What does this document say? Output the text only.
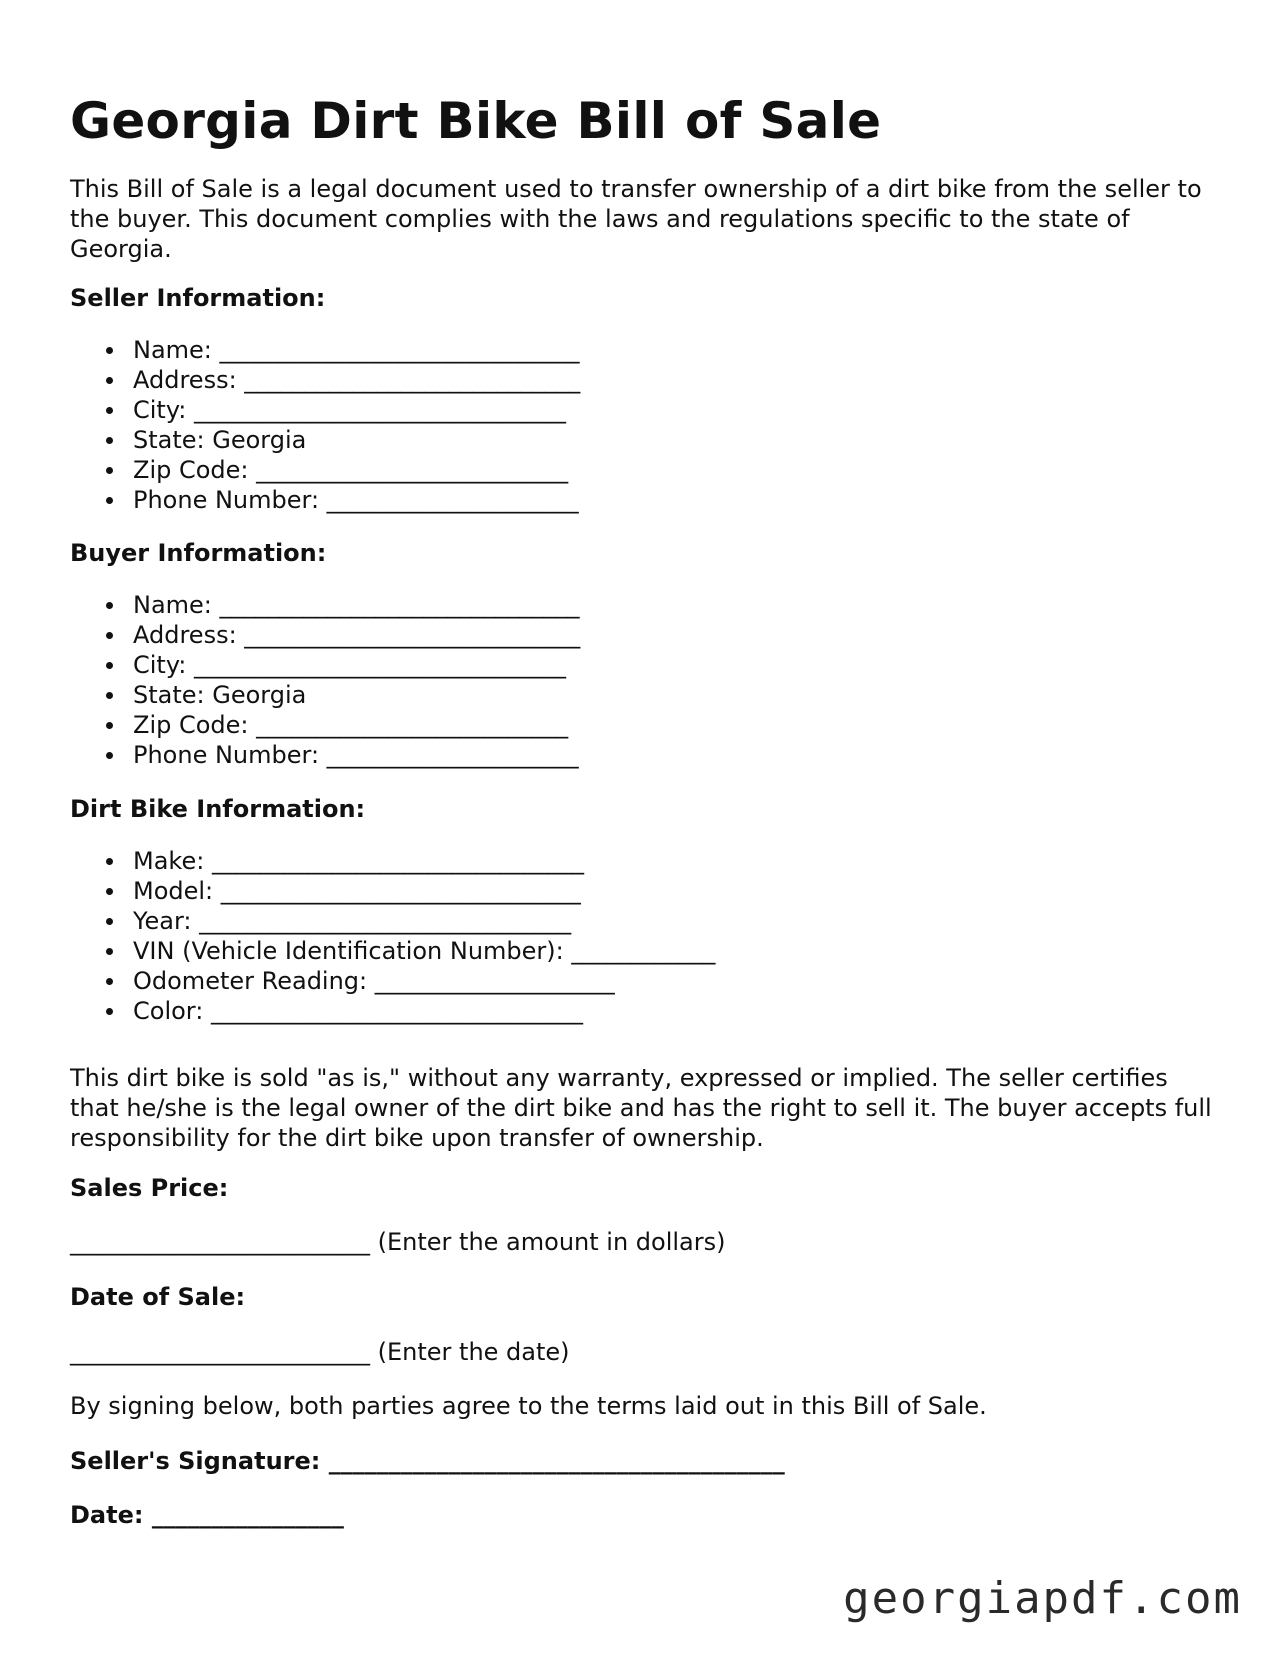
Georgia Dirt Bike Bill of Sale

This Bill of Sale is a legal document used to transfer ownership of a dirt bike from the seller to the buyer. This document complies with the laws and regulations specific to the state of Georgia.

Seller Information:
Name: ______________________________
Address: ____________________________
City: _______________________________
State: Georgia
Zip Code: __________________________
Phone Number: _____________________
Buyer Information:
Name: ______________________________
Address: ____________________________
City: _______________________________
State: Georgia
Zip Code: __________________________
Phone Number: _____________________
Dirt Bike Information:
Make: _______________________________
Model: ______________________________
Year: _______________________________
VIN (Vehicle Identification Number): ____________
Odometer Reading: ____________________
Color: _______________________________

This dirt bike is sold "as is," without any warranty, expressed or implied. The seller certifies that he/she is the legal owner of the dirt bike and has the right to sell it. The buyer accepts full responsibility for the dirt bike upon transfer of ownership.

Sales Price:

_________________________ (Enter the amount in dollars)

Date of Sale:

_________________________ (Enter the date)

By signing below, both parties agree to the terms laid out in this Bill of Sale.

Seller's Signature: ______________________________________

Date: ________________

georgiapdf.com
